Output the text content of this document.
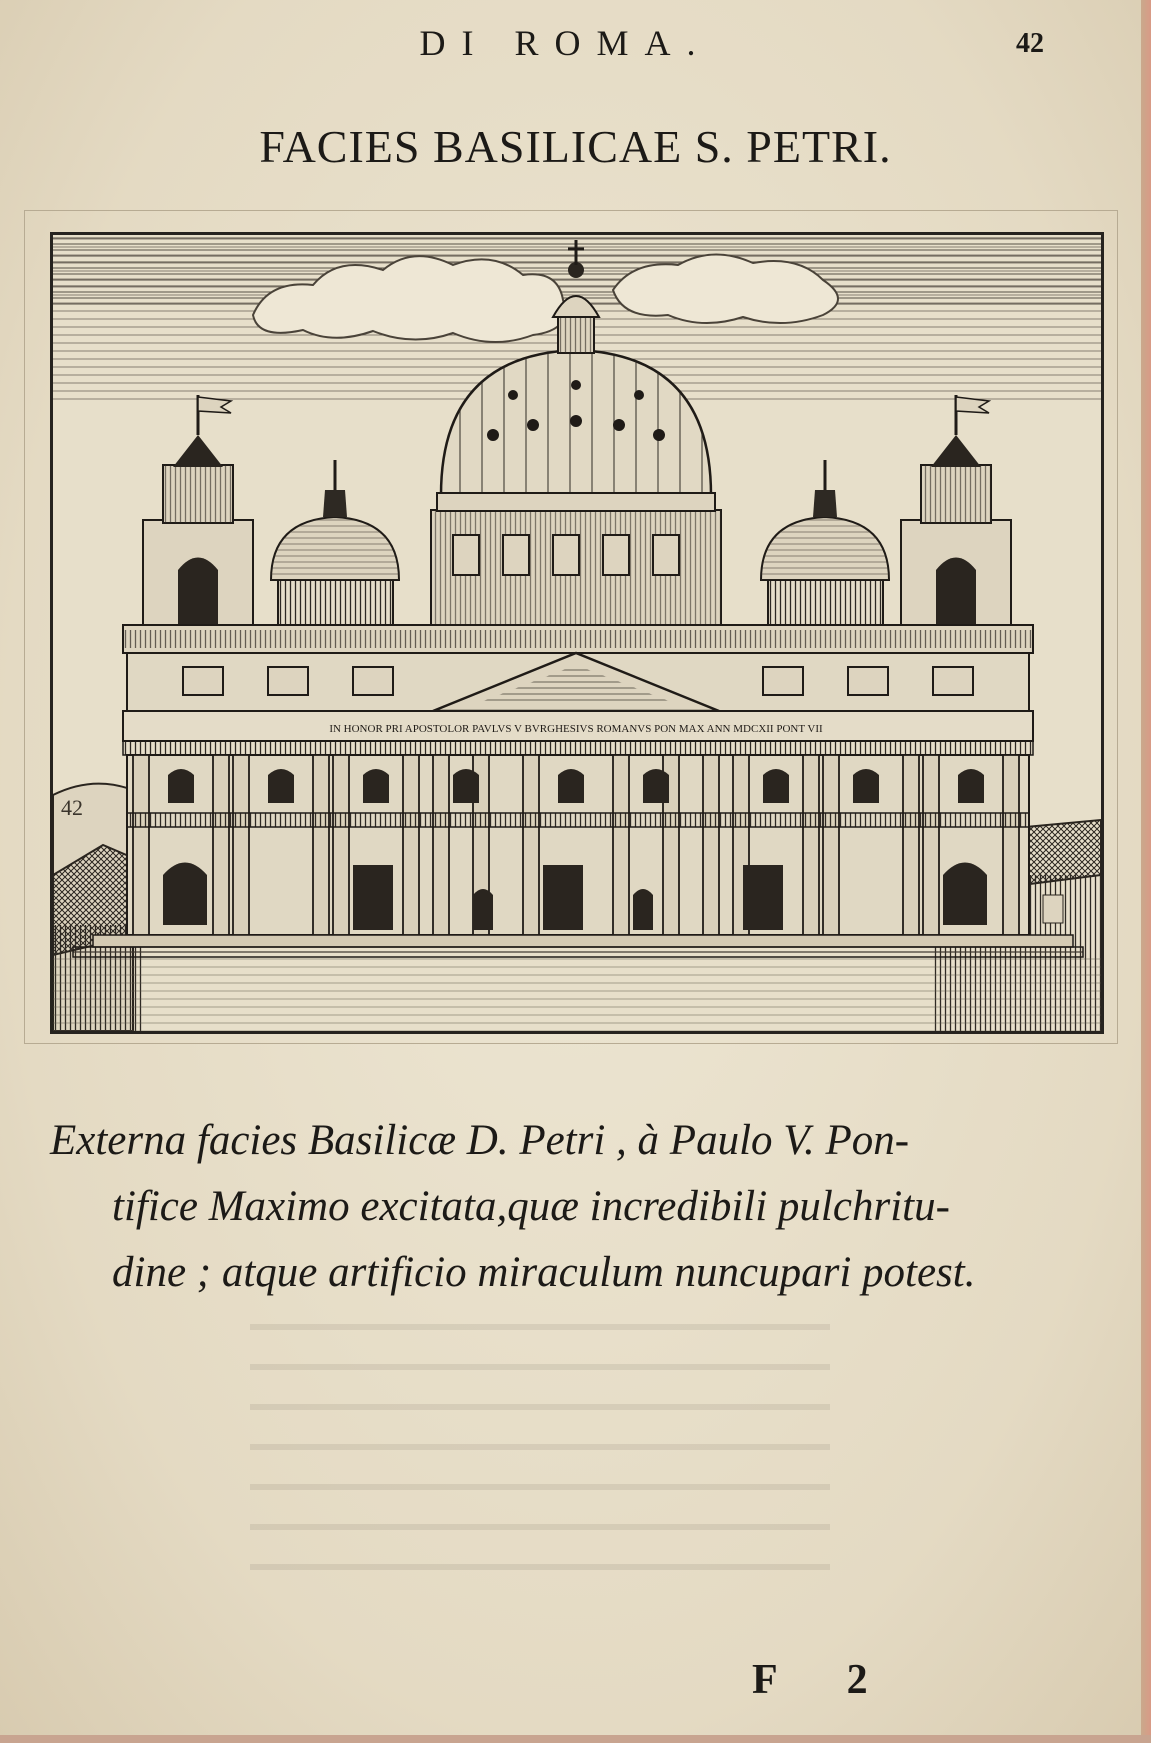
DI ROMA.	42
FACIES BASILICAE S. PETRI.
42
IN HONOR PRI APOSTOLOR PAVLVS V BVRGHESIVS ROMANVS PON MAX ANN MDCXII PONT VII
Externa facies Basilicæ D. Petri , à Paulo V. Pon-
tifice Maximo excitata,quæ incredibili pulchritu-
dine ; atque artificio miraculum nuncupari potest.
F 2
